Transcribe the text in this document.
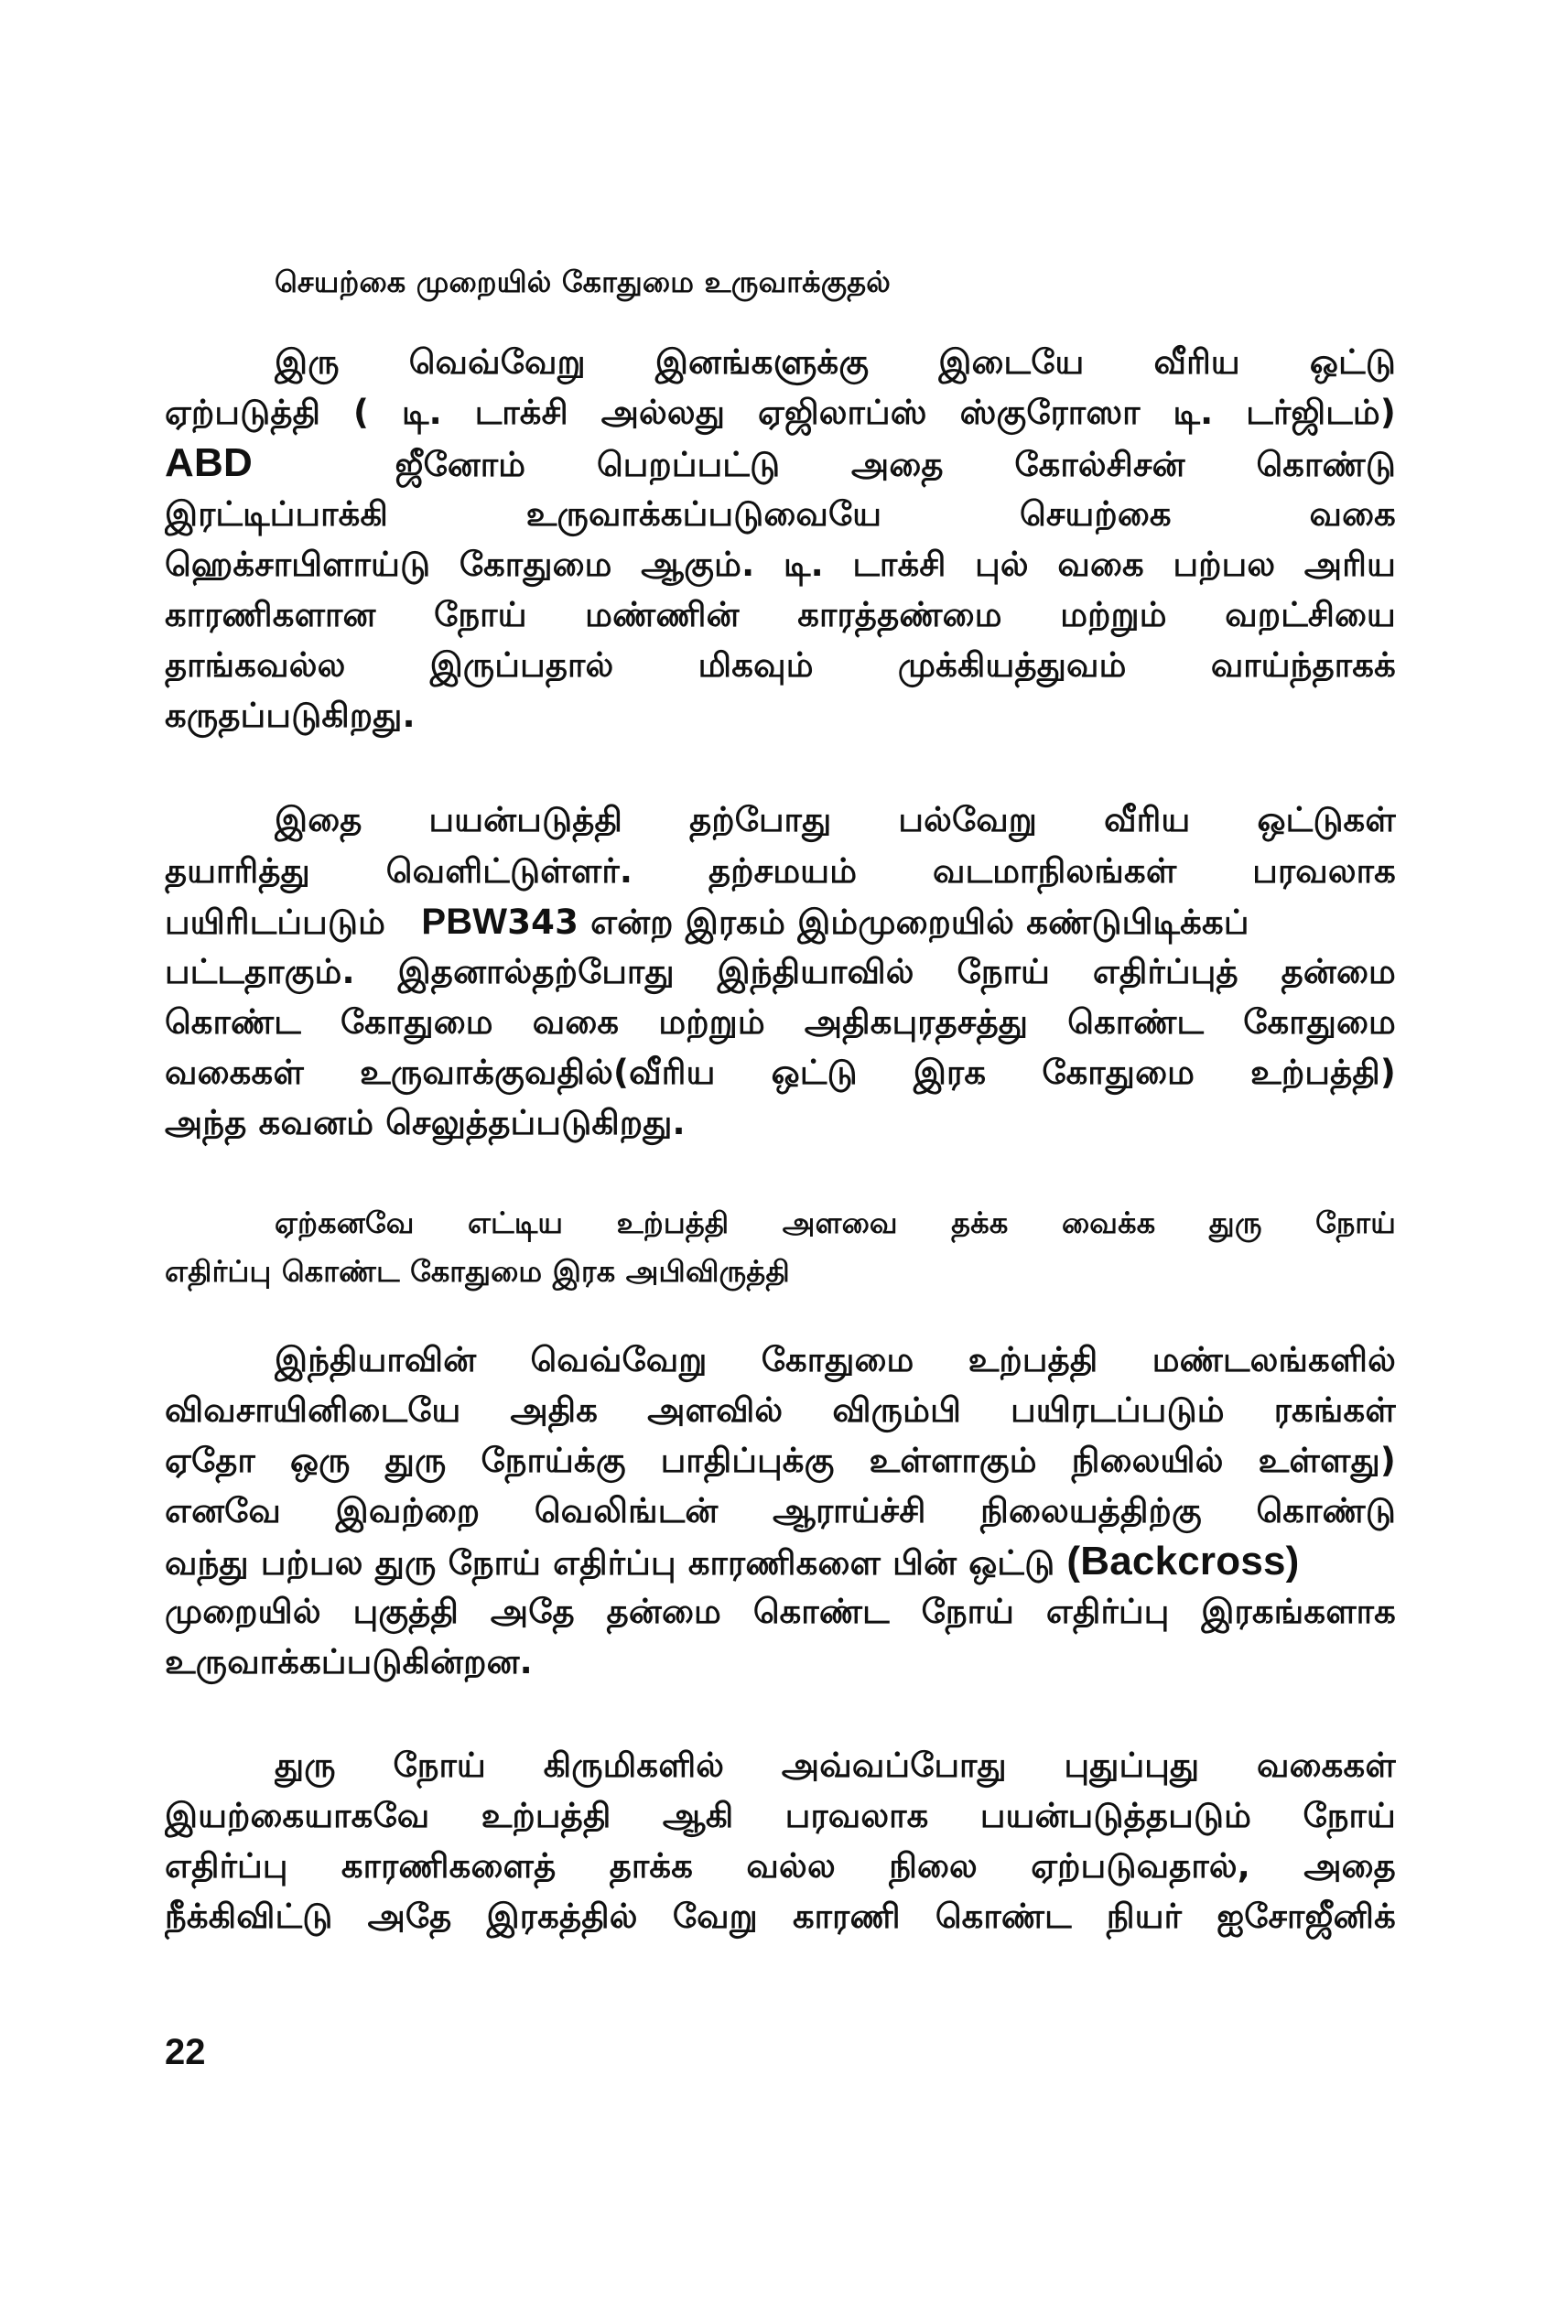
செயற்கை முறையில் கோதுமை உருவாக்குதல்
இரு வெவ்வேறு இனங்களுக்கு இடையே வீரிய ஒட்டு
ஏற்படுத்தி ( டி. டாக்சி அல்லது ஏஜிலாப்ஸ் ஸ்குரோஸா டி. டர்ஜிடம்)
ABD	ஜீனோம் பெறப்பட்டு அதை கோல்சிசன் கொண்டு
இரட்டிப்பாக்கி உருவாக்கப்படுவையே செயற்கை வகை
ஹெக்சாபிளாய்டு கோதுமை ஆகும். டி. டாக்சி புல் வகை பற்பல அரிய
காரணிகளான நோய் மண்ணின் காரத்தண்மை மற்றும் வறட்சியை
தாங்கவல்ல இருப்பதால் மிகவும் முக்கியத்துவம் வாய்ந்தாகக்
கருதப்படுகிறது.
இதை பயன்படுத்தி தற்போது பல்வேறு வீரிய ஒட்டுகள்
தயாரித்து வெளிட்டுள்ளர். தற்சமயம் வடமாநிலங்கள் பரவலாக
பயிரிடப்படும் PBW343 என்ற இரகம் இம்முறையில் கண்டுபிடிக்கப்
பட்டதாகும். இதனால்தற்போது இந்தியாவில் நோய் எதிர்ப்புத் தன்மை
கொண்ட கோதுமை வகை மற்றும் அதிகபுரதசத்து கொண்ட கோதுமை
வகைகள் உருவாக்குவதில்(வீரிய ஒட்டு இரக கோதுமை உற்பத்தி)
அந்த கவனம் செலுத்தப்படுகிறது.
ஏற்கனவே எட்டிய உற்பத்தி அளவை தக்க வைக்க துரு நோய்
எதிர்ப்பு கொண்ட கோதுமை இரக அபிவிருத்தி
இந்தியாவின் வெவ்வேறு கோதுமை உற்பத்தி மண்டலங்களில்
விவசாயினிடையே அதிக அளவில் விரும்பி பயிரடப்படும் ரகங்கள்
ஏதோ ஒரு துரு நோய்க்கு பாதிப்புக்கு உள்ளாகும் நிலையில் உள்ளது)
எனவே இவற்றை வெலிங்டன் ஆராய்ச்சி நிலையத்திற்கு கொண்டு
வந்து பற்பல துரு நோய் எதிர்ப்பு காரணிகளை பின் ஒட்டு (Backcross)
முறையில் புகுத்தி அதே தன்மை கொண்ட நோய் எதிர்ப்பு இரகங்களாக
உருவாக்கப்படுகின்றன.
துரு நோய் கிருமிகளில் அவ்வப்போது புதுப்புது வகைகள்
இயற்கையாகவே உற்பத்தி ஆகி பரவலாக பயன்படுத்தபடும் நோய்
எதிர்ப்பு காரணிகளைத் தாக்க வல்ல நிலை ஏற்படுவதால், அதை
நீக்கிவிட்டு அதே இரகத்தில் வேறு காரணி கொண்ட நியர் ஐசோஜீனிக்
22
